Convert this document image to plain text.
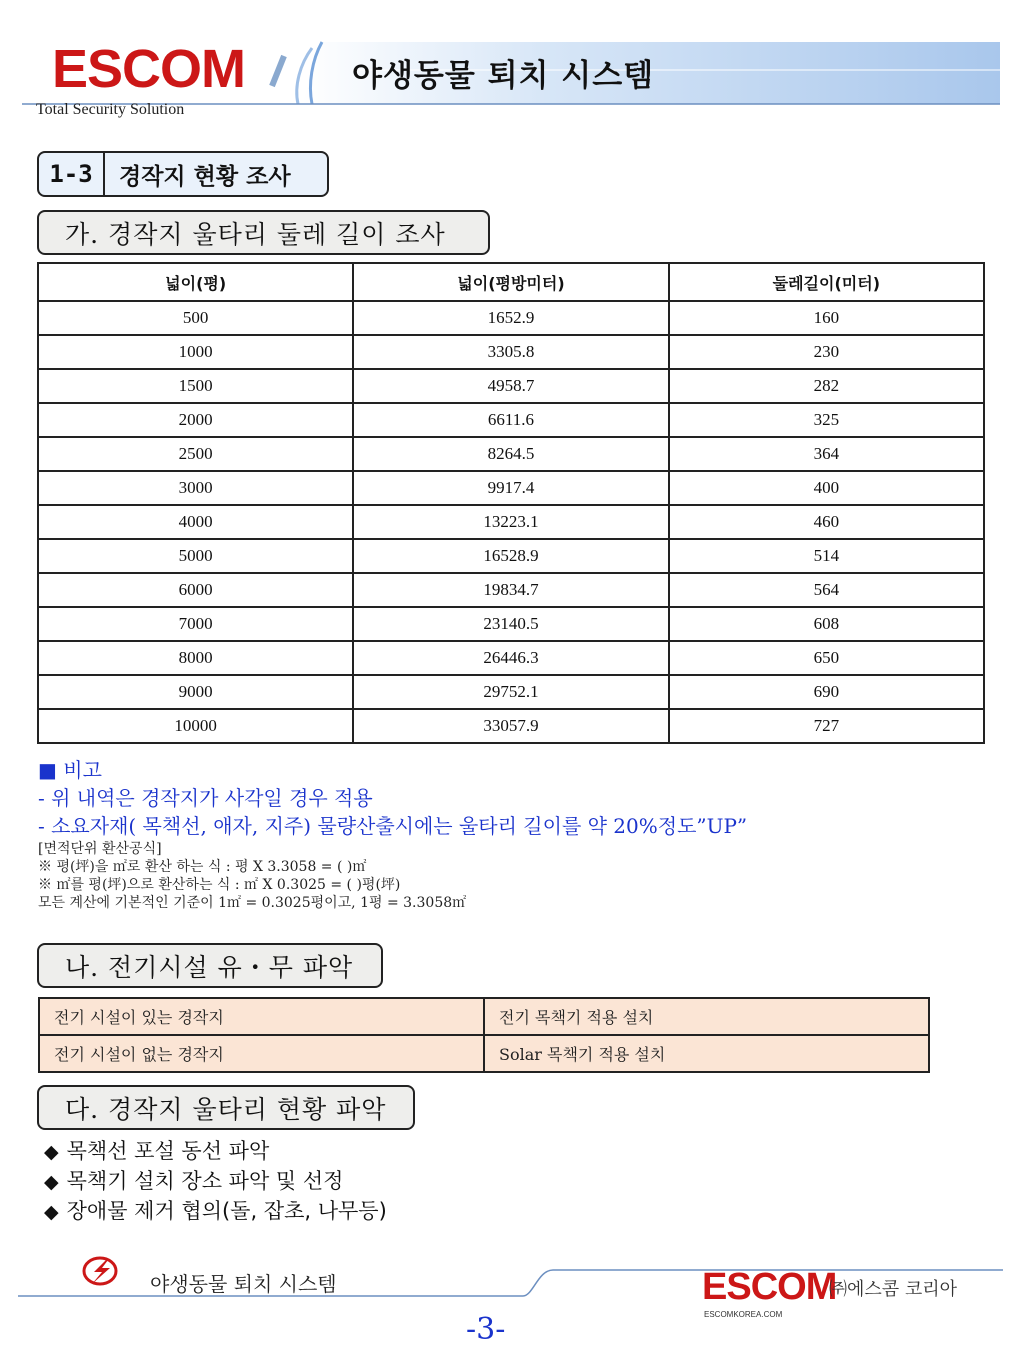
ESCOM
Total Security Solution
야생동물 퇴치 시스템
1-3	경작지 현황 조사
가. 경작지 울타리 둘레 길이 조사
넓이(평)	넓이(평방미터)	둘레길이(미터)
500	1652.9	160
1000	3305.8	230
1500	4958.7	282
2000	6611.6	325
2500	8264.5	364
3000	9917.4	400
4000	13223.1	460
5000	16528.9	514
6000	19834.7	564
7000	23140.5	608
8000	26446.3	650
9000	29752.1	690
10000	33057.9	727
■ 비고
- 위 내역은 경작지가 사각일 경우 적용
- 소요자재( 목책선, 애자, 지주) 물량산출시에는 울타리 길이를 약 20%정도”UP”
[면적단위 환산공식]
※ 평(坪)을 ㎡로 환산 하는 식 : 평 X 3.3058 = ( )㎡
※ ㎡를 평(坪)으로 환산하는 식 : ㎡ X 0.3025 = ( )평(坪)
모든 계산에 기본적인 기준이 1㎡ = 0.3025평이고, 1평 = 3.3058㎡
나. 전기시설 유・무 파악
전기 시설이 있는 경작지	전기 목책기 적용 설치
전기 시설이 없는 경작지	Solar 목책기 적용 설치
다. 경작지 울타리 현황 파악
◆ 목책선 포설 동선 파악
◆ 목책기 설치 장소 파악 및 선정
◆ 장애물 제거 협의(돌, 잡초, 나무등)
야생동물 퇴치 시스템	ESCOM
ESCOMKOREA.COM
㈜에스콤 코리아
-3-
